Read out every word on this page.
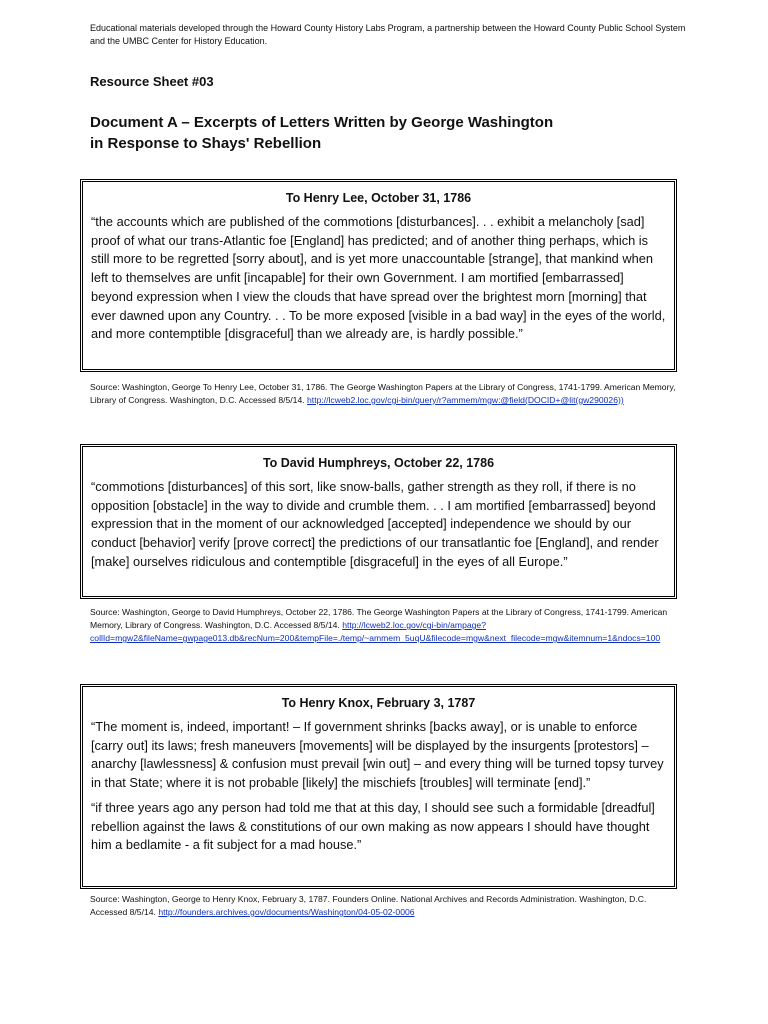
Educational materials developed through the Howard County History Labs Program, a partnership between the Howard County Public School System and the UMBC Center for History Education.
Resource Sheet #03
Document A – Excerpts of Letters Written by George Washington
in Response to Shays' Rebellion
To Henry Lee, October 31, 1786
“the accounts which are published of the commotions [disturbances]. . . exhibit a melancholy [sad] proof of what our trans-Atlantic foe [England] has predicted; and of another thing perhaps, which is still more to be regretted [sorry about], and is yet more unaccountable [strange], that mankind when left to themselves are unfit [incapable] for their own Government. I am mortified [embarrassed] beyond expression when I view the clouds that have spread over the brightest morn [morning] that ever dawned upon any Country. . . To be more exposed [visible in a bad way] in the eyes of the world, and more contemptible [disgraceful] than we already are, is hardly possible.”
Source: Washington, George To Henry Lee, October 31, 1786. The George Washington Papers at the Library of Congress, 1741-1799. American Memory, Library of Congress. Washington, D.C. Accessed 8/5/14. http://lcweb2.loc.gov/cgi-bin/query/r?ammem/mgw:@field(DOCID+@lit(gw290026))
To David Humphreys, October 22, 1786
“commotions [disturbances] of this sort, like snow-balls, gather strength as they roll, if there is no opposition [obstacle] in the way to divide and crumble them. . . I am mortified [embarrassed] beyond expression that in the moment of our acknowledged [accepted] independence we should by our conduct [behavior] verify [prove correct] the predictions of our transatlantic foe [England], and render [make] ourselves ridiculous and contemptible [disgraceful] in the eyes of all Europe.”
Source: Washington, George to David Humphreys, October 22, 1786. The George Washington Papers at the Library of Congress, 1741-1799. American Memory, Library of Congress. Washington, D.C. Accessed 8/5/14. http://lcweb2.loc.gov/cgi-bin/ampage?collId=mgw2&fileName=gwpage013.db&recNum=200&tempFile=./temp/~ammem_5uqU&filecode=mgw&next_filecode=mgw&itemnum=1&ndocs=100
To Henry Knox, February 3, 1787
“The moment is, indeed, important! – If government shrinks [backs away], or is unable to enforce [carry out] its laws; fresh maneuvers [movements] will be displayed by the insurgents [protestors] – anarchy [lawlessness] & confusion must prevail [win out] – and every thing will be turned topsy turvey in that State; where it is not probable [likely] the mischiefs [troubles] will terminate [end].”
“if three years ago any person had told me that at this day, I should see such a formidable [dreadful] rebellion against the laws & constitutions of our own making as now appears I should have thought him a bedlamite - a fit subject for a mad house.”
Source: Washington, George to Henry Knox, February 3, 1787. Founders Online. National Archives and Records Administration. Washington, D.C. Accessed 8/5/14. http://founders.archives.gov/documents/Washington/04-05-02-0006
